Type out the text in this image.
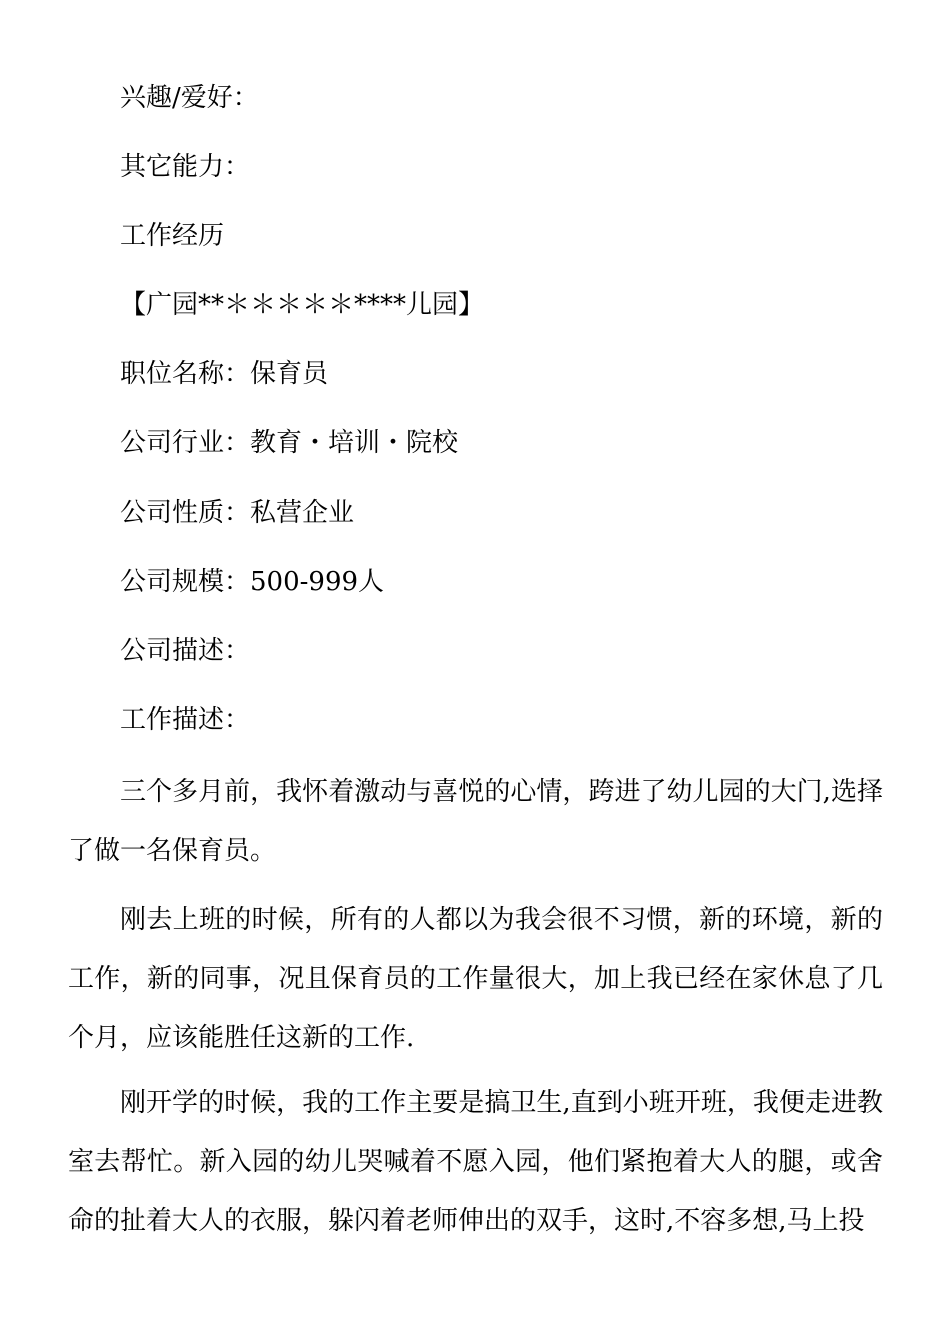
兴趣/爱好：

其它能力：

工作经历

【广园**＊＊＊＊＊****儿园】

职位名称：保育员

公司行业：教育・培训・院校

公司性质：私营企业

公司规模：500-999人

公司描述：

工作描述：

三个多月前，我怀着激动与喜悦的心情，跨进了幼儿园的大门,选择了做一名保育员。

刚去上班的时候，所有的人都以为我会很不习惯，新的环境，新的工作，新的同事，况且保育员的工作量很大，加上我已经在家休息了几个月，应该能胜任这新的工作.

刚开学的时候，我的工作主要是搞卫生,直到小班开班，我便走进教室去帮忙。新入园的幼儿哭喊着不愿入园，他们紧抱着大人的腿，或舍命的扯着大人的衣服，躲闪着老师伸出的双手，这时,不容多想,马上投
